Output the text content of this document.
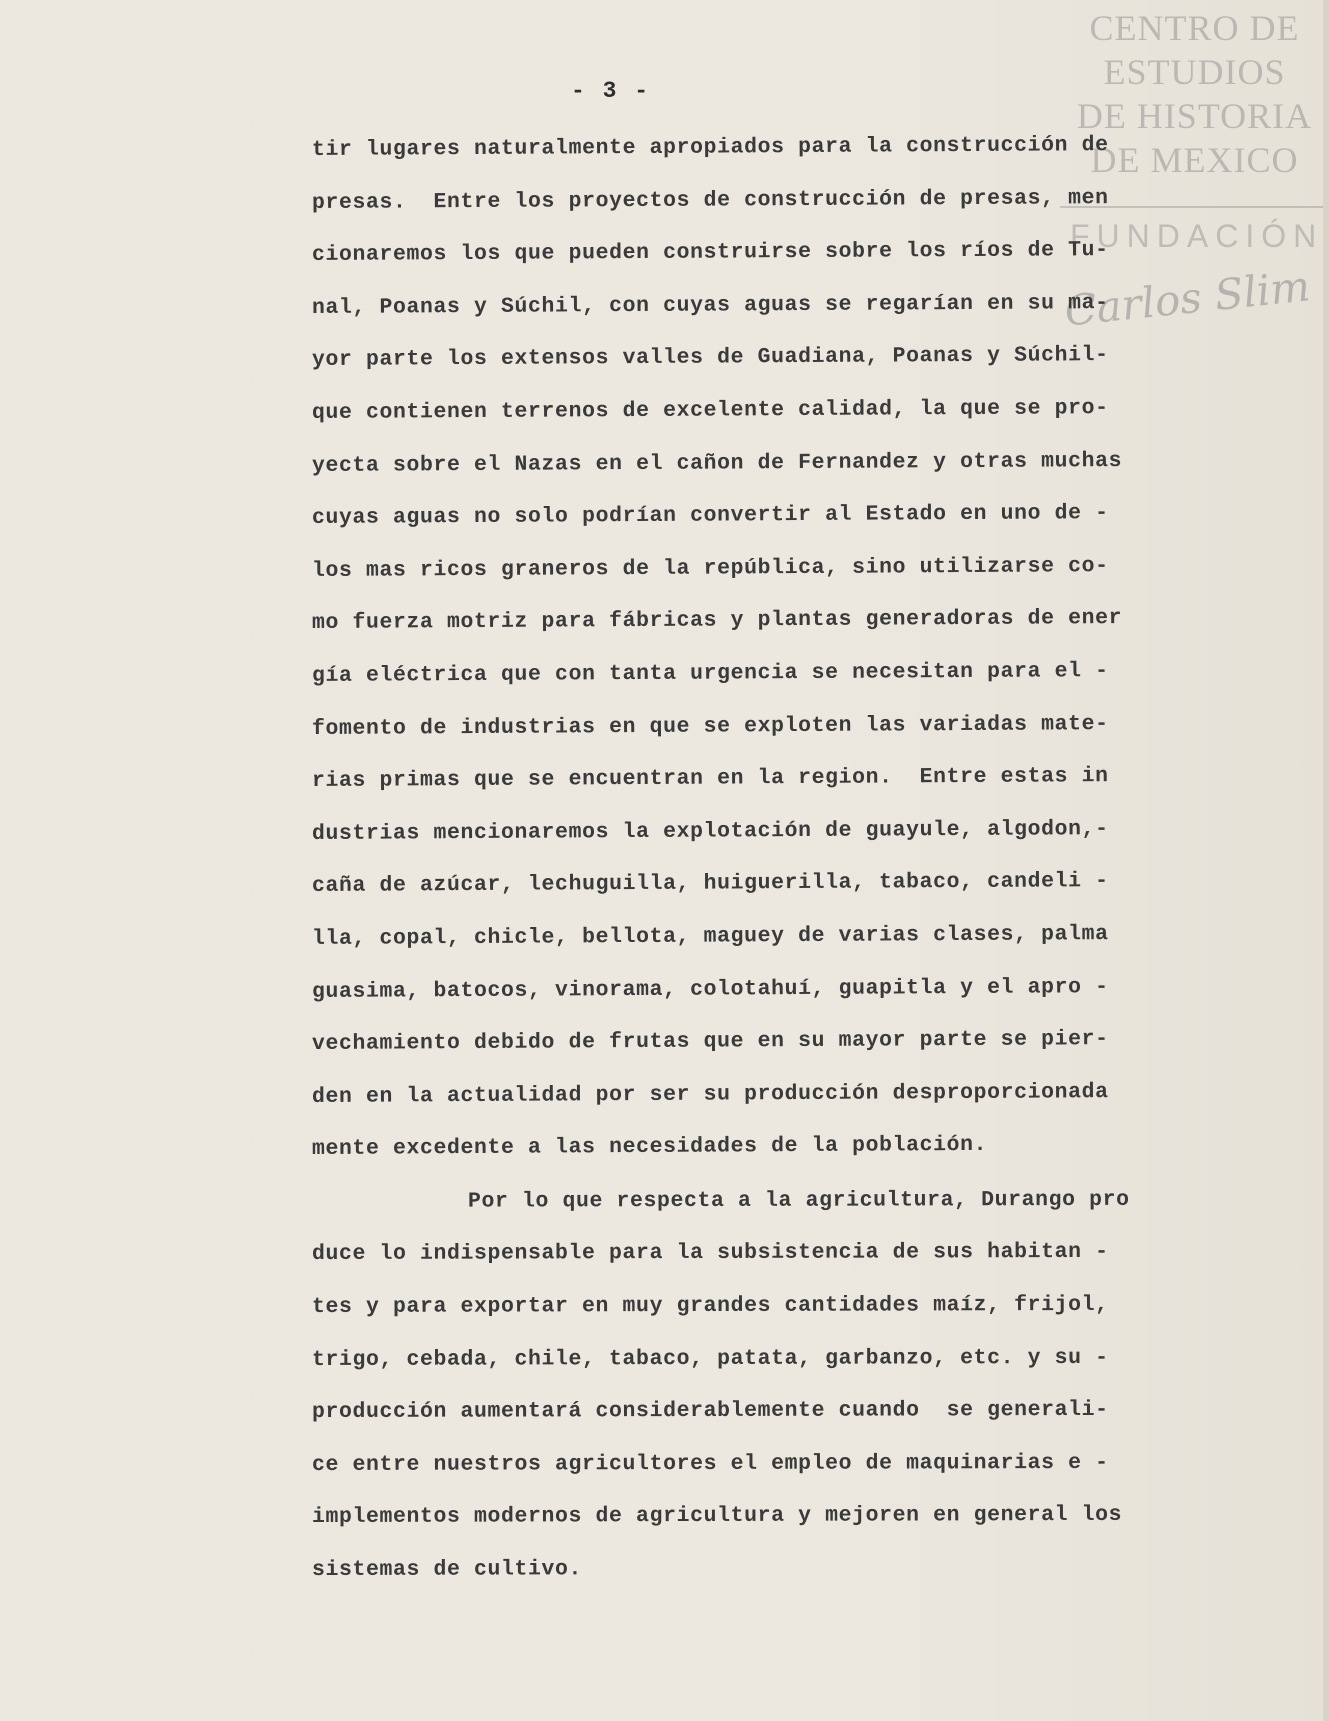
CENTRO DE
ESTUDIOS
DE HISTORIA
DE MEXICO
FUNDACIÓN
Carlos Slim
- 3 -
tir lugares naturalmente apropiados para la construcción de
presas.  Entre los proyectos de construcción de presas, men
cionaremos los que pueden construirse sobre los ríos de Tu-
nal, Poanas y Súchil, con cuyas aguas se regarían en su ma-
yor parte los extensos valles de Guadiana, Poanas y Súchil-
que contienen terrenos de excelente calidad, la que se pro-
yecta sobre el Nazas en el cañon de Fernandez y otras muchas
cuyas aguas no solo podrían convertir al Estado en uno de -
los mas ricos graneros de la república, sino utilizarse co-
mo fuerza motriz para fábricas y plantas generadoras de ener
gía eléctrica que con tanta urgencia se necesitan para el -
fomento de industrias en que se exploten las variadas mate-
rias primas que se encuentran en la region.  Entre estas in
dustrias mencionaremos la explotación de guayule, algodon,-
caña de azúcar, lechuguilla, huiguerilla, tabaco, candeli -
lla, copal, chicle, bellota, maguey de varias clases, palma
guasima, batocos, vinorama, colotahuí, guapitla y el apro -
vechamiento debido de frutas que en su mayor parte se pier-
den en la actualidad por ser su producción desproporcionada
mente excedente a las necesidades de la población.
Por lo que respecta a la agricultura, Durango pro
duce lo indispensable para la subsistencia de sus habitan -
tes y para exportar en muy grandes cantidades maíz, frijol,
trigo, cebada, chile, tabaco, patata, garbanzo, etc. y su -
producción aumentará considerablemente cuando  se generali-
ce entre nuestros agricultores el empleo de maquinarias e -
implementos modernos de agricultura y mejoren en general los
sistemas de cultivo.
